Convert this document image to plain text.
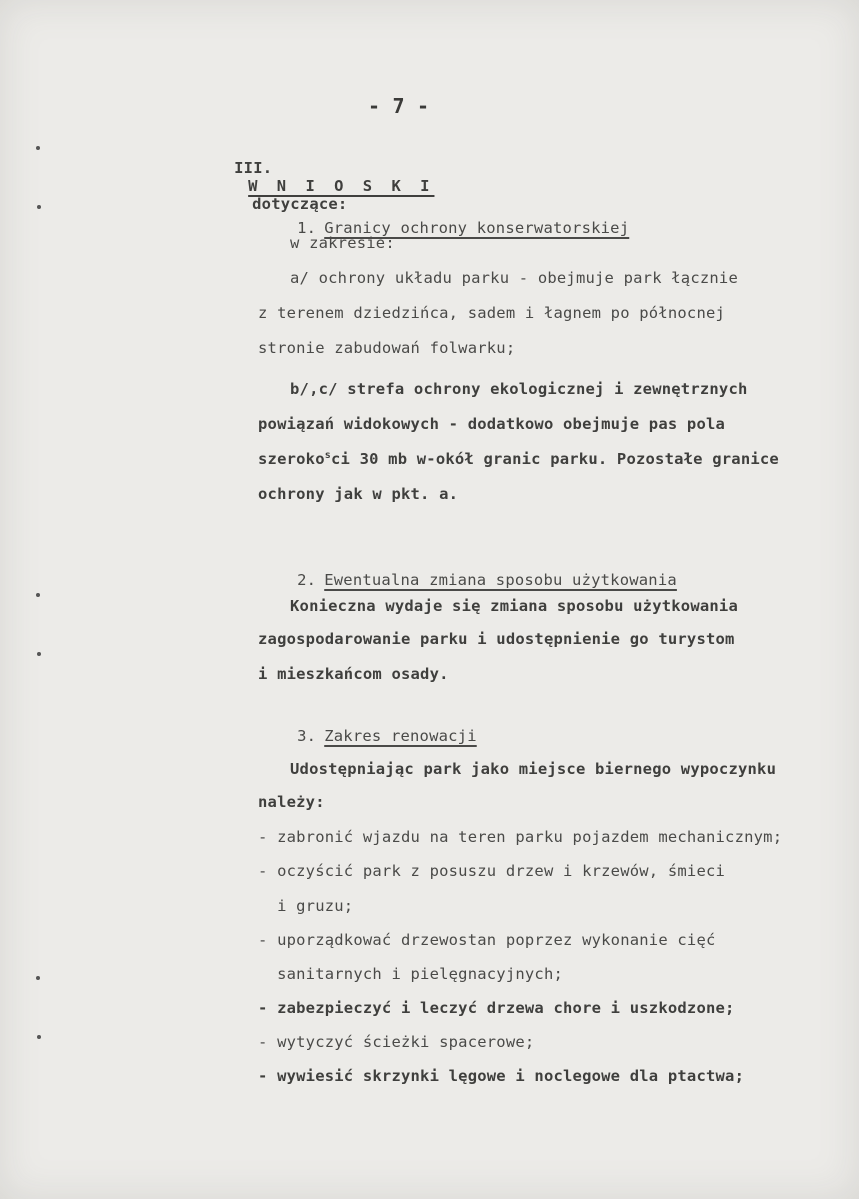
- 7 -

III.
W N I O S K I
dotyczące:

1. Granicy ochrony konserwatorskiej

w zakresie:
a/ ochrony układu parku - obejmuje park łącznie
z terenem dziedzińca, sadem i łagnem po północnej
stronie zabudowań folwarku;
b/,c/ strefa ochrony ekologicznej i zewnętrznych
powiązań widokowych - dodatkowo obejmuje pas pola
szeroko$^s$ci 30 mb w-okół granic parku. Pozostałe granice
ochrony jak w pkt. a.

2. Ewentualna zmiana sposobu użytkowania

Konieczna wydaje się zmiana sposobu użytkowania
zagospodarowanie parku i udostępnienie go turystom
i mieszkańcom osady.

3. Zakres renowacji

Udostępniając park jako miejsce biernego wypoczynku
należy:
- zabronić wjazdu na teren parku pojazdem mechanicznym;
- oczyścić park z posuszu drzew i krzewów, śmieci
i gruzu;
- uporządkować drzewostan poprzez wykonanie cięć
sanitarnych i pielęgnacyjnych;
- zabezpieczyć i leczyć drzewa chore i uszkodzone;
- wytyczyć ścieżki spacerowe;
- wywiesić skrzynki lęgowe i noclegowe dla ptactwa;
